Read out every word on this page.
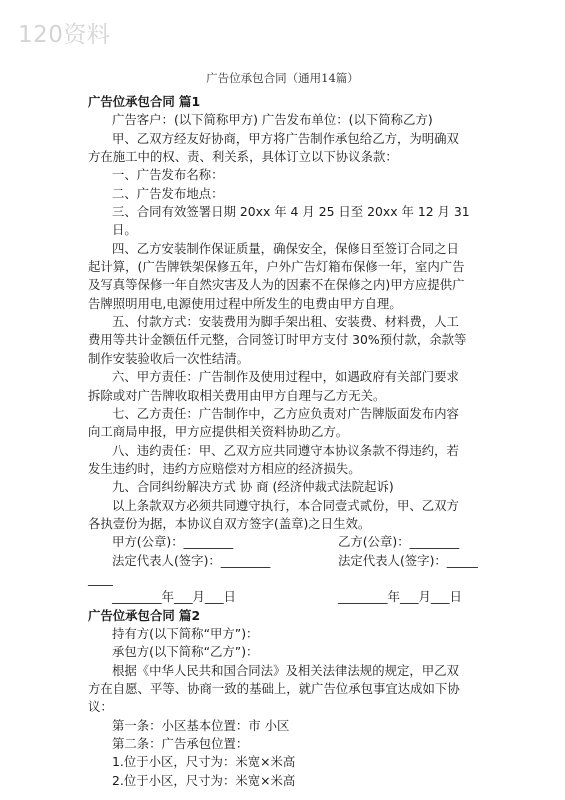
120资料
广告位承包合同（通用14篇）

广告位承包合同 篇1

广告客户：(以下简称甲方) 广告发布单位：(以下简称乙方)

甲、乙双方经友好协商，甲方将广告制作承包给乙方，为明确双

方在施工中的权、责、利关系，具体订立以下协议条款：

一、广告发布名称：

二、广告发布地点：

三、合同有效签署日期 20xx 年 4 月 25 日至 20xx 年 12 月 31 日。

四、乙方安装制作保证质量，确保安全，保修日至签订合同之日

起计算，(广告牌铁架保修五年，户外广告灯箱布保修一年，室内广告

及写真等保修一年自然灾害及人为的因素不在保修之内)甲方应提供广

告牌照明用电,电源使用过程中所发生的电费由甲方自理。

五、付款方式：安装费用为脚手架出租、安装费、材料费，人工

费用等共计金额伍仟元整，合同签订时甲方支付 30%预付款，余款等

制作安装验收后一次性结清。

六、甲方责任：广告制作及使用过程中，如遇政府有关部门要求

拆除或对广告牌收取相关费用由甲方自理与乙方无关。

七、乙方责任：广告制作中，乙方应负责对广告牌版面发布内容

向工商局申报，甲方应提供相关资料协助乙方。

八、违约责任：甲、乙双方应共同遵守本协议条款不得违约，若

发生违约时，违约方应赔偿对方相应的经济损失。

九、合同纠纷解决方式 协 商 (经济仲裁式法院起诉)

以上条款双方必须共同遵守执行，本合同壹式贰份，甲、乙双方

各执壹份为据，本协议自双方签字(盖章)之日生效。

甲方(公章)：________	乙方(公章)：________
法定代表人(签字)：________	法定代表人(签字)：_____

____

________年___月___日	________年___月___日

广告位承包合同 篇2

持有方(以下简称“甲方”)：

承包方(以下简称“乙方”)：

根据《中华人民共和国合同法》及相关法律法规的规定，甲乙双

方在自愿、平等、协商一致的基础上，就广告位承包事宜达成如下协

议：

第一条：小区基本位置：市 小区

第二条：广告承包位置：

1.位于小区，尺寸为：米宽×米高

2.位于小区，尺寸为：米宽×米高
